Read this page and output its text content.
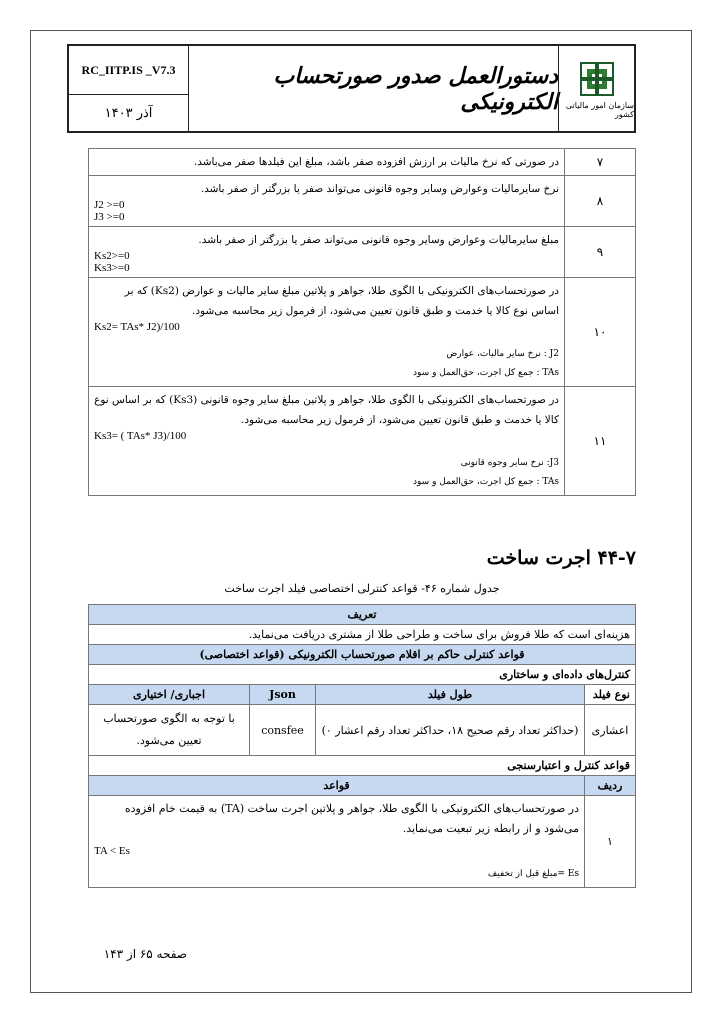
RC_IITP.IS _V7.3
آذر ۱۴۰۳
دستورالعمل صدور صورتحساب الکترونیکی سازمان امور مالیاتی کشور
۷	در صورتی که نرخ مالیات بر ارزش افزوده صفر باشد، مبلغ این فیلدها صفر می‌باشد.
۸	نرخ سایرمالیات وعوارض وسایر وجوه قانونی می‌تواند صفر یا بزرگتر از صفر باشد.
J2 >=0
J3 >=0

۹	مبلغ سایرمالیات وعوارض وسایر وجوه قانونی می‌تواند صفر یا بزرگتر از صفر باشد.
Ks2>=0
Ks3>=0

۱۰	در صورتحساب‌های الکترونیکی با الگوی طلا، جواهر و پلاتین مبلغ سایر مالیات و عوارض (Ks2) که بر اساس نوع کالا یا خدمت و طبق قانون تعیین می‌شود، از فرمول زیر محاسبه می‌شود.
Ks2= TAs* J2)/100
J2 : نرخ سایر مالیات، عوارض
TAs : جمع کل اجرت، حق‌العمل و سود

۱۱	در صورتحساب‌های الکترونیکی با الگوی طلا، جواهر و پلاتین مبلغ سایر وجوه قانونی (Ks3) که بر اساس نوع کالا یا خدمت و طبق قانون تعیین می‌شود، از فرمول زیر محاسبه می‌شود.
Ks3= ( TAs* J3)/100
J3: نرخ سایر وجوه قانونی
TAs : جمع کل اجرت، حق‌العمل و سود
۴۴-۷ اجرت ساخت
جدول شماره ۴۶- قواعد کنترلی اختصاصی فیلد اجرت ساخت
تعریف			
هزینه‌ای است که طلا فروش برای ساخت و طراحی طلا از مشتری دریافت می‌نماید.			
قواعد کنترلی حاکم بر اقلام صورتحساب الکترونیکی (قواعد اختصاصی)			
کنترل‌های داده‌ای و ساختاری			
نوع فیلد	طول فیلد	Json	اجباری/ اختیاری
اعشاری	(حداکثر تعداد رقم صحیح ۱۸، حداکثر تعداد رقم اعشار ۰)	consfee	با توجه به الگوی صورتحساب تعیین می‌شود.
قواعد کنترل و اعتبارسنجی			
ردیف	قواعد		
۱	در صورتحساب‌های الکترونیکی با الگوی طلا، جواهر و پلاتین اجرت ساخت (TA) به قیمت خام افزوده می‌شود و از رابطه زیر تبعیت می‌نماید.
TA < Es
Es =مبلغ قبل از تخفیف		
صفحه ۶۵ از ۱۴۳
